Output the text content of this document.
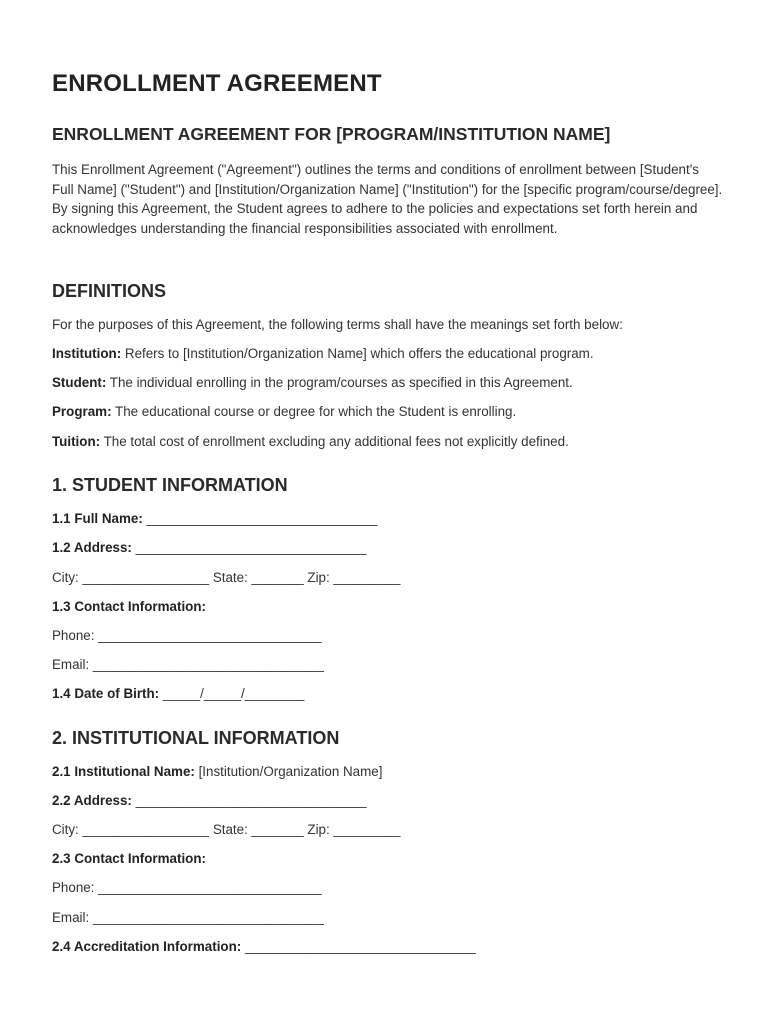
ENROLLMENT AGREEMENT
ENROLLMENT AGREEMENT FOR [PROGRAM/INSTITUTION NAME]
This Enrollment Agreement ("Agreement") outlines the terms and conditions of enrollment between [Student's Full Name] ("Student") and [Institution/Organization Name] ("Institution") for the [specific program/course/degree]. By signing this Agreement, the Student agrees to adhere to the policies and expectations set forth herein and acknowledges understanding the financial responsibilities associated with enrollment.
DEFINITIONS
For the purposes of this Agreement, the following terms shall have the meanings set forth below:
Institution: Refers to [Institution/Organization Name] which offers the educational program.
Student: The individual enrolling in the program/courses as specified in this Agreement.
Program: The educational course or degree for which the Student is enrolling.
Tuition: The total cost of enrollment excluding any additional fees not explicitly defined.
1. STUDENT INFORMATION
1.1 Full Name: _______________________________
1.2 Address: _______________________________
City: _________________ State: _______ Zip: _________
1.3 Contact Information:
Phone: ______________________________
Email: _______________________________
1.4 Date of Birth: _____/_____/________
2. INSTITUTIONAL INFORMATION
2.1 Institutional Name: [Institution/Organization Name]
2.2 Address: _______________________________
City: _________________ State: _______ Zip: _________
2.3 Contact Information:
Phone: ______________________________
Email: _______________________________
2.4 Accreditation Information: _______________________________
